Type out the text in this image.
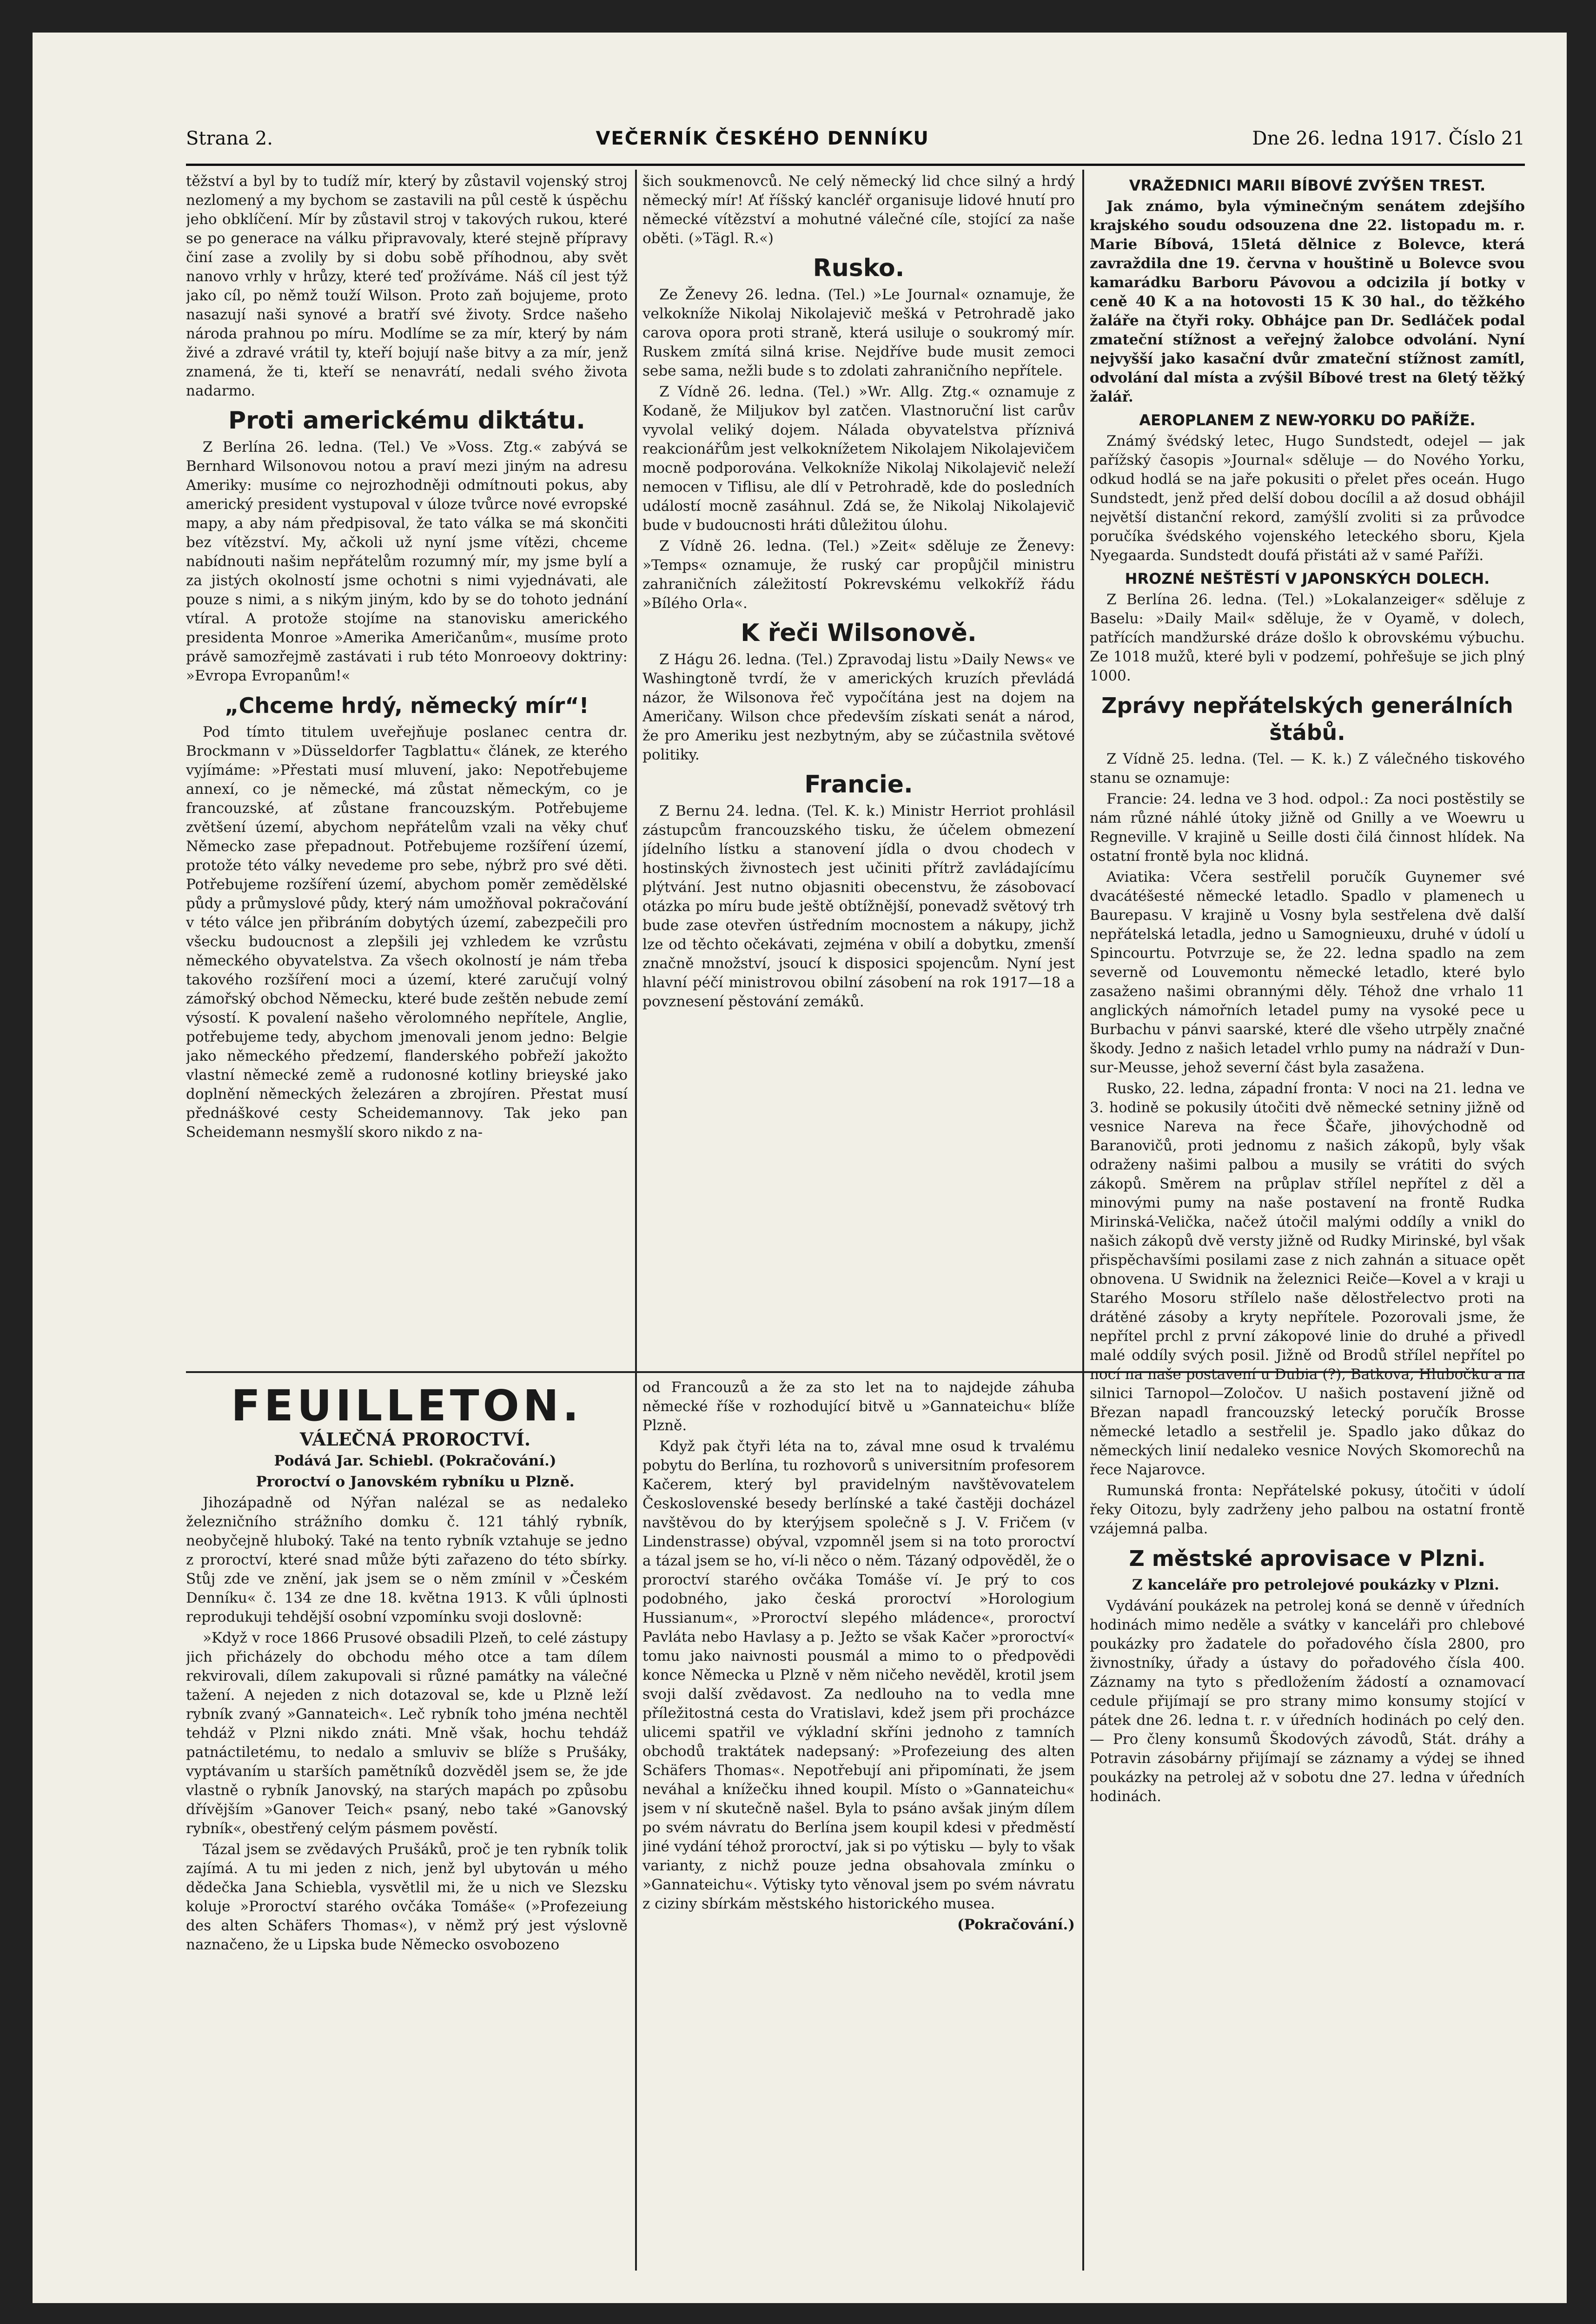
Strana 2.	VEČERNÍK ČESKÉHO DENNÍKU	Dne 26. ledna 1917. Číslo 21

těžství a byl by to tudíž mír, který by zůstavil vojenský stroj nezlomený a my bychom se zastavili na půl cestě k úspěchu jeho obklíčení. Mír by zůstavil stroj v takových rukou, které se po generace na válku připravovaly, které stejně přípravy činí zase a zvolily by si dobu sobě příhodnou, aby svět nanovo vrhly v hrůzy, které teď prožíváme. Náš cíl jest týž jako cíl, po němž touží Wilson. Proto zaň bojujeme, proto nasazují naši synové a bratří své životy. Srdce našeho národa prahnou po míru. Modlíme se za mír, který by nám živé a zdravé vrátil ty, kteří bojují naše bitvy a za mír, jenž znamená, že ti, kteří se nenavrátí, nedali svého života nadarmo.

Proti americkému diktátu.

Z Berlína 26. ledna. (Tel.) Ve »Voss. Ztg.« zabývá se Bernhard Wilsonovou notou a praví mezi jiným na adresu Ameriky: musíme co nejrozhodněji odmítnouti pokus, aby americký president vystupoval v úloze tvůrce nové evropské mapy, a aby nám předpisoval, že tato válka se má skončiti bez vítězství. My, ačkoli už nyní jsme vítězi, chceme nabídnouti našim nepřátelům rozumný mír, my jsme bylí a za jistých okolností jsme ochotni s nimi vyjednávati, ale pouze s nimi, a s nikým jiným, kdo by se do tohoto jednání vtíral. A protože stojíme na stanovisku amerického presidenta Monroe »Amerika Američanům«, musíme proto právě samozřejmě zastávati i rub této Monroeovy doktriny: »Evropa Evropanům!«

„Chceme hrdý, německý mír“!

Pod tímto titulem uveřejňuje poslanec centra dr. Brockmann v »Düsseldorfer Tagblattu« článek, ze kterého vyjímáme: »Přestati musí mluvení, jako: Nepotřebujeme annexí, co je německé, má zůstat německým, co je francouzské, ať zůstane francouzským. Potřebujeme zvětšení území, abychom nepřátelům vzali na věky chuť Německo zase přepadnout. Potřebujeme rozšíření území, protože této války nevedeme pro sebe, nýbrž pro své děti. Potřebujeme rozšíření území, abychom poměr zemědělské půdy a průmyslové půdy, který nám umožňoval pokračování v této válce jen přibráním dobytých území, zabezpečili pro všecku budoucnost a zlepšili jej vzhledem ke vzrůstu německého obyvatelstva. Za všech okolností je nám třeba takového rozšíření moci a území, které zaručují volný zámořský obchod Německu, které bude zeštěn nebude zemí výsostí. K povalení našeho věrolomného nepřítele, Anglie, potřebujeme tedy, abychom jmenovali jenom jedno: Belgie jako německého předzemí, flanderského pobřeží jakožto vlastní německé země a rudonosné kotliny brieyské jako doplnění německých železáren a zbrojíren. Přestat musí přednáškové cesty Scheidemannovy. Tak jeko pan Scheidemann nesmyšlí skoro nikdo z na-

FEUILLETON.

VÁLEČNÁ PROROCTVÍ.

Podává Jar. Schiebl. (Pokračování.)

Proroctví o Janovském rybníku u Plzně.

Jihozápadně od Nýřan nalézal se as nedaleko železničního strážního domku č. 121 táhlý rybník, neobyčejně hluboký. Také na tento rybník vztahuje se jedno z proroctví, které snad může býti zařazeno do této sbírky. Stůj zde ve znění, jak jsem se o něm zmínil v »Českém Denníku« č. 134 ze dne 18. května 1913. K vůli úplnosti reprodukuji tehdější osobní vzpomínku svoji doslovně:

»Když v roce 1866 Prusové obsadili Plzeň, to celé zástupy jich přicházely do obchodu mého otce a tam dílem rekvirovali, dílem zakupovali si různé památky na válečné tažení. A nejeden z nich dotazoval se, kde u Plzně leží rybník zvaný »Gannateich«. Leč rybník toho jména nechtěl tehdáž v Plzni nikdo znáti. Mně však, hochu tehdáž patnáctiletému, to nedalo a smluviv se blíže s Prušáky, vyptávaním u starších pamětníků dozvěděl jsem se, že jde vlastně o rybník Janovský, na starých mapách po způsobu dřívějším »Ganover Teich« psaný, nebo také »Ganovský rybník«, obestřený celým pásmem pověstí.

Tázal jsem se zvědavých Prušáků, proč je ten rybník tolik zajímá. A tu mi jeden z nich, jenž byl ubytován u mého dědečka Jana Schiebla, vysvětlil mi, že u nich ve Slezsku koluje »Proroctví starého ovčáka Tomáše« (»Profezeiung des alten Schäfers Thomas«), v němž prý jest výslovně naznačeno, že u Lipska bude Německo osvobozeno

šich soukmenovců. Ne celý německý lid chce silný a hrdý německý mír! Ať říšský kancléř organisuje lidové hnutí pro německé vítězství a mohutné válečné cíle, stojící za naše oběti. (»Tägl. R.«)

Rusko.

Ze Ženevy 26. ledna. (Tel.) »Le Journal« oznamuje, že velkokníže Nikolaj Nikolajevič mešká v Petrohradě jako carova opora proti straně, která usiluje o soukromý mír. Ruskem zmítá silná krise. Nejdříve bude musit zemoci sebe sama, nežli bude s to zdolati zahraničního nepřítele.

Z Vídně 26. ledna. (Tel.) »Wr. Allg. Ztg.« oznamuje z Kodaně, že Miljukov byl zatčen. Vlastnoruční list carův vyvolal veliký dojem. Nálada obyvatelstva příznivá reakcionářům jest velkoknížetem Nikolajem Nikolajevičem mocně podporována. Velkokníže Nikolaj Nikolajevič neleží nemocen v Tiflisu, ale dlí v Petrohradě, kde do posledních událostí mocně zasáhnul. Zdá se, že Nikolaj Nikolajevič bude v budoucnosti hráti důležitou úlohu.

Z Vídně 26. ledna. (Tel.) »Zeit« sděluje ze Ženevy: »Temps« oznamuje, že ruský car propůjčil ministru zahraničních záležitostí Pokrevskému velkokříž řádu »Bílého Orla«.

K řeči Wilsonově.

Z Hágu 26. ledna. (Tel.) Zpravodaj listu »Daily News« ve Washingtoně tvrdí, že v amerických kruzích převládá názor, že Wilsonova řeč vypočítána jest na dojem na Američany. Wilson chce především získati senát a národ, že pro Ameriku jest nezbytným, aby se zúčastnila světové politiky.

Francie.

Z Bernu 24. ledna. (Tel. K. k.) Ministr Herriot prohlásil zástupcům francouzského tisku, že účelem obmezení jídelního lístku a stanovení jídla o dvou chodech v hostinských živnostech jest učiniti přítrž zavládajícímu plýtvání. Jest nutno objasniti obecenstvu, že zásobovací otázka po míru bude ještě obtížnější, ponevadž světový trh bude zase otevřen ústředním mocnostem a nákupy, jichž lze od těchto očekávati, zejména v obilí a dobytku, zmenší značně množství, jsoucí k disposici spojencům. Nyní jest hlavní péčí ministrovou obilní zásobení na rok 1917—18 a povznesení pěstování zemáků.

od Francouzů a že za sto let na to najdejde záhuba německé říše v rozhodující bitvě u »Gannateichu« blíže Plzně.

Když pak čtyři léta na to, zával mne osud k trvalému pobytu do Berlína, tu rozhovorů s universitním profesorem Kačerem, který byl pravidelným navštěvovatelem Československé besedy berlínské a také častěji docházel navštěvou do by kterýjsem společně s J. V. Fričem (v Lindenstrasse) obýval, vzpomněl jsem si na toto proroctví a tázal jsem se ho, ví-li něco o něm. Tázaný odpověděl, že o proroctví starého ovčáka Tomáše ví. Je prý to cos podobného, jako česká proroctví »Horologium Hussianum«, »Proroctví slepého mládence«, proroctví Pavláta nebo Havlasy a p. Ježto se však Kačer »proroctví« tomu jako naivnosti pousmál a mimo to o předpovědi konce Německa u Plzně v něm ničeho nevěděl, krotil jsem svoji další zvědavost. Za nedlouho na to vedla mne příležitostná cesta do Vratislavi, kdež jsem při procházce ulicemi spatřil ve výkladní skříni jednoho z tamních obchodů traktátek nadepsaný: »Profezeiung des alten Schäfers Thomas«. Nepotřebují ani připomínati, že jsem neváhal a knížečku ihned koupil. Místo o »Gannateichu« jsem v ní skutečně našel. Byla to psáno avšak jiným dílem po svém návratu do Berlína jsem koupil kdesi v předměstí jiné vydání téhož proroctví, jak si po výtisku — byly to však varianty, z nichž pouze jedna obsahovala zmínku o »Gannateichu«. Výtisky tyto věnoval jsem po svém návratu z ciziny sbírkám městského historického musea.

(Pokračování.)

VRAŽEDNICI MARII BÍBOVÉ ZVÝŠEN TREST.

Jak známo, byla výminečným senátem zdejšího krajského soudu odsouzena dne 22. listopadu m. r. Marie Bíbová, 15letá dělnice z Bolevce, která zavraždila dne 19. června v houštině u Bolevce svou kamarádku Barboru Pávovou a odcizila jí botky v ceně 40 K a na hotovosti 15 K 30 hal., do těžkého žaláře na čtyři roky. Obhájce pan Dr. Sedláček podal zmateční stížnost a veřejný žalobce odvolání. Nyní nejvyšší jako kasační dvůr zmateční stížnost zamítl, odvolání dal místa a zvýšil Bíbové trest na 6letý těžký žalář.

AEROPLANEM Z NEW-YORKU DO PAŘÍŽE.

Známý švédský letec, Hugo Sundstedt, odejel — jak pařížský časopis »Journal« sděluje — do Nového Yorku, odkud hodlá se na jaře pokusiti o přelet přes oceán. Hugo Sundstedt, jenž před delší dobou docílil a až dosud obhájil největší distanční rekord, zamýšlí zvoliti si za průvodce poručíka švédského vojenského leteckého sboru, Kjela Nyegaarda. Sundstedt doufá přistáti až v samé Paříži.

HROZNÉ NEŠTĚSTÍ V JAPONSKÝCH DOLECH.

Z Berlína 26. ledna. (Tel.) »Lokalanzeiger« sděluje z Baselu: »Daily Mail« sděluje, že v Oyamě, v dolech, patřících mandžurské dráze došlo k obrovskému výbuchu. Ze 1018 mužů, které byli v podzemí, pohřešuje se jich plný 1000.

Zprávy nepřátelských generálních štábů.

Z Vídně 25. ledna. (Tel. — K. k.) Z válečného tiskového stanu se oznamuje:

Francie: 24. ledna ve 3 hod. odpol.: Za noci postěstily se nám různé náhlé útoky jižně od Gnilly a ve Woewru u Regneville. V krajině u Seille dosti čilá činnost hlídek. Na ostatní frontě byla noc klidná.

Aviatika: Včera sestřelil poručík Guynemer své dvacátéšesté německé letadlo. Spadlo v plamenech u Baurepasu. V krajině u Vosny byla sestřelena dvě další nepřátelská letadla, jedno u Samognieuxu, druhé v údolí u Spincourtu. Potvrzuje se, že 22. ledna spadlo na zem severně od Louvemontu německé letadlo, které bylo zasaženo našimi obrannými děly. Téhož dne vrhalo 11 anglických námořních letadel pumy na vysoké pece u Burbachu v pánvi saarské, které dle všeho utrpěly značné škody. Jedno z našich letadel vrhlo pumy na nádraží v Dun-sur-Meusse, jehož severní část byla zasažena.

Rusko, 22. ledna, západní fronta: V noci na 21. ledna ve 3. hodině se pokusily útočiti dvě německé setniny jižně od vesnice Nareva na řece Ščaře, jihovýchodně od Baranovičů, proti jednomu z našich zákopů, byly však odraženy našimi palbou a musily se vrátiti do svých zákopů. Směrem na průplav střílel nepřítel z děl a minovými pumy na naše postavení na frontě Rudka Mirinská-Velička, načež útočil malými oddíly a vnikl do našich zákopů dvě versty jižně od Rudky Mirinské, byl však přispěchavšími posilami zase z nich zahnán a situace opět obnovena. U Swidnik na železnici Reiče—Kovel a v kraji u Starého Mosoru střílelo naše dělostřelectvo proti na drátěné zásoby a kryty nepřítele. Pozorovali jsme, že nepřítel prchl z první zákopové linie do druhé a přivedl malé oddíly svých posil. Jižně od Brodů střílel nepřítel po nocí na naše postavení u Dubia (?), Batkova, Hlubočku a na silnici Tarnopol—Zoločov. U našich postavení jižně od Březan napadl francouzský letecký poručík Brosse německé letadlo a sestřelil je. Spadlo jako důkaz do německých linií nedaleko vesnice Nových Skomorechů na řece Najarovce.

Rumunská fronta: Nepřátelské pokusy, útočiti v údolí řeky Oitozu, byly zadrženy jeho palbou na ostatní frontě vzájemná palba.

Z městské aprovisace v Plzni.

Z kanceláře pro petrolejové poukázky v Plzni.

Vydávání poukázek na petrolej koná se denně v úředních hodinách mimo neděle a svátky v kanceláři pro chlebové poukázky pro žadatele do pořadového čísla 2800, pro živnostníky, úřady a ústavy do pořadového čísla 400. Záznamy na tyto s předložením žádostí a oznamovací cedule přijímají se pro strany mimo konsumy stojící v pátek dne 26. ledna t. r. v úředních hodinách po celý den. — Pro členy konsumů Škodových závodů, Stát. dráhy a Potravin zásobárny přijímají se záznamy a výdej se ihned poukázky na petrolej až v sobotu dne 27. ledna v úředních hodinách.
